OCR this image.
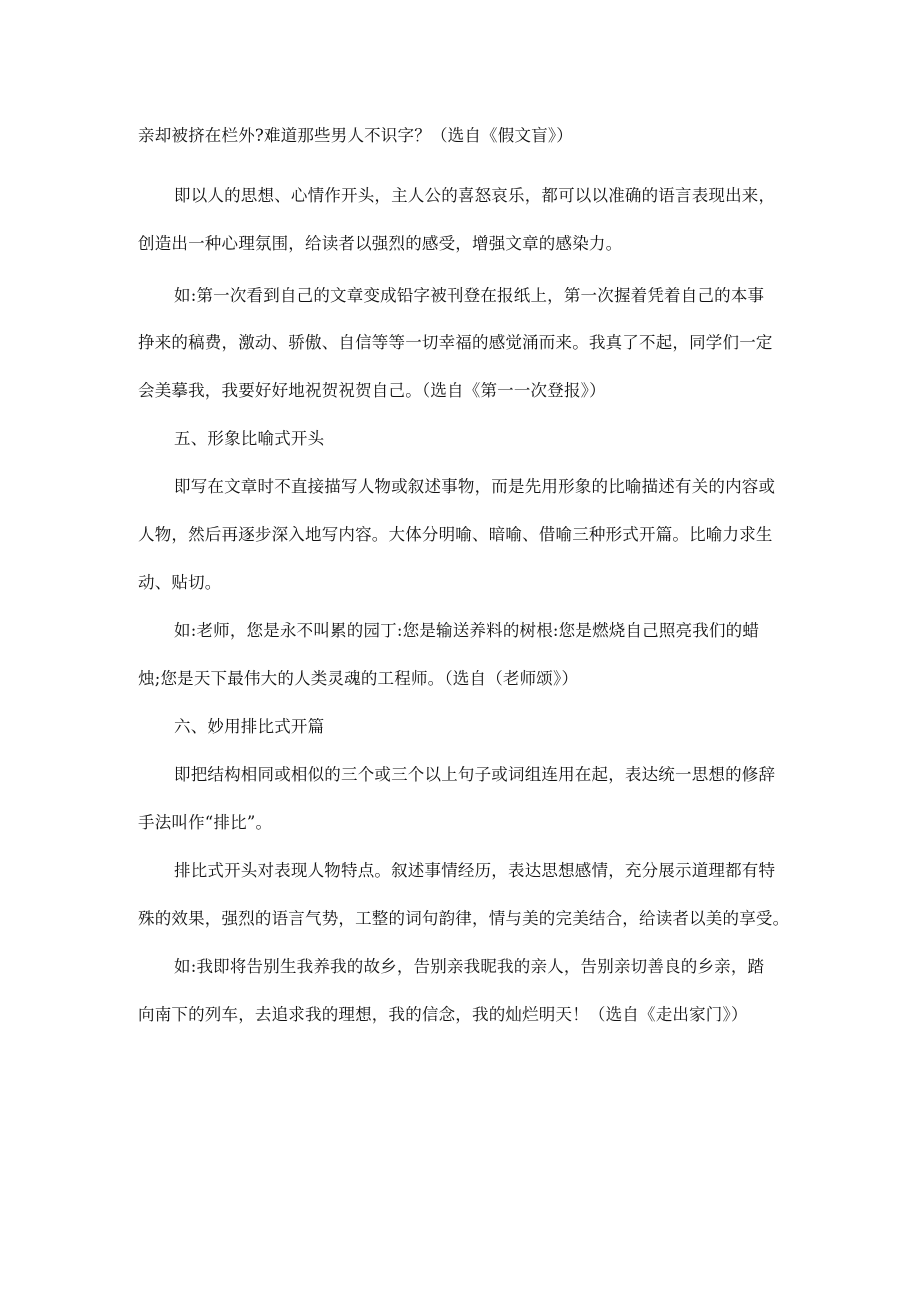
亲却被挤在栏外?难道那些男人不识字？（选自《假文盲》）
即以人的思想、心情作开头，主人公的喜怒哀乐，都可以以准确的语言表现出来，
创造出一种心理氛围，给读者以强烈的感受，增强文章的感染力。
如:第一次看到自己的文章变成铅字被刊登在报纸上，第一次握着凭着自己的本事
挣来的稿费，激动、骄傲、自信等等一切幸福的感觉涌而来。我真了不起，同学们一定
会美摹我，我要好好地祝贺祝贺自己。（选自《第一一次登报》）
五、形象比喻式开头
即写在文章时不直接描写人物或叙述事物，而是先用形象的比喻描述有关的内容或
人物，然后再逐步深入地写内容。大体分明喻、暗喻、借喻三种形式开篇。比喻力求生
动、贴切。
如:老师，您是永不叫累的园丁:您是输送养料的树根:您是燃烧自己照亮我们的蜡
烛;您是天下最伟大的人类灵魂的工程师。（选自（老师颂》）
六、妙用排比式开篇
即把结构相同或相似的三个或三个以上句子或词组连用在起，表达统一思想的修辞
手法叫作“排比”。
排比式开头对表现人物特点。叙述事情经历，表达思想感情，充分展示道理都有特
殊的效果，强烈的语言气势，工整的词句韵律，情与美的完美结合，给读者以美的享受。
如:我即将告别生我养我的故乡，告别亲我昵我的亲人，告别亲切善良的乡亲，踏
向南下的列车，去追求我的理想，我的信念，我的灿烂明天！（选自《走出家门》）
